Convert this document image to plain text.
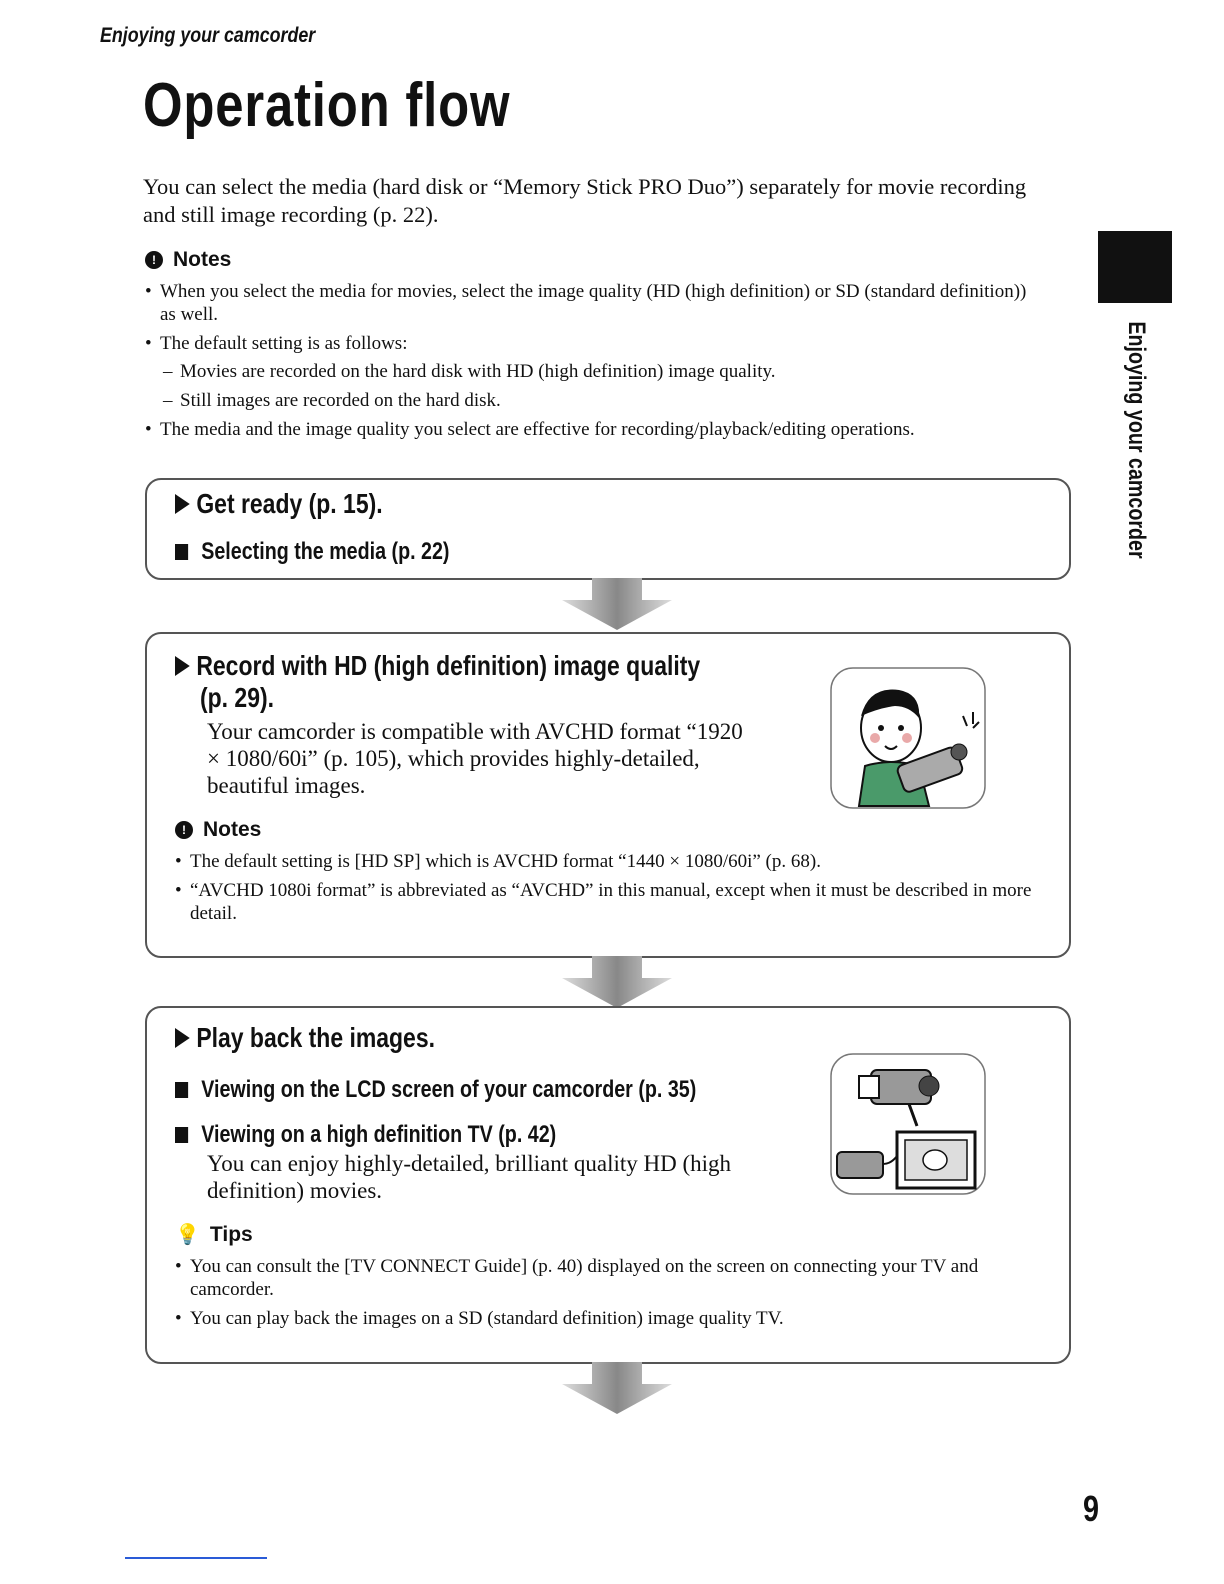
Enjoying your camcorder
Operation flow
You can select the media (hard disk or “Memory Stick PRO Duo”) separately for movie recording and still image recording (p. 22).
! Notes
• When you select the media for movies, select the image quality (HD (high definition) or SD (standard definition)) as well.
• The default setting is as follows:
– Movies are recorded on the hard disk with HD (high definition) image quality.
– Still images are recorded on the hard disk.
• The media and the image quality you select are effective for recording/playback/editing operations.
Get ready (p. 15).
Selecting the media (p. 22)
Record with HD (high definition) image quality
(p. 29).
Your camcorder is compatible with AVCHD format “1920 × 1080/60i” (p. 105), which provides highly-detailed, beautiful images.
! Notes
• The default setting is [HD SP] which is AVCHD format “1440 × 1080/60i” (p. 68).
• “AVCHD 1080i format” is abbreviated as “AVCHD” in this manual, except when it must be described in more detail.
Play back the images.
Viewing on the LCD screen of your camcorder (p. 35)
Viewing on a high definition TV (p. 42)
You can enjoy highly-detailed, brilliant quality HD (high definition) movies.
💡 Tips
• You can consult the [TV CONNECT Guide] (p. 40) displayed on the screen on connecting your TV and camcorder.
• You can play back the images on a SD (standard definition) image quality TV.
Enjoying your camcorder
9
